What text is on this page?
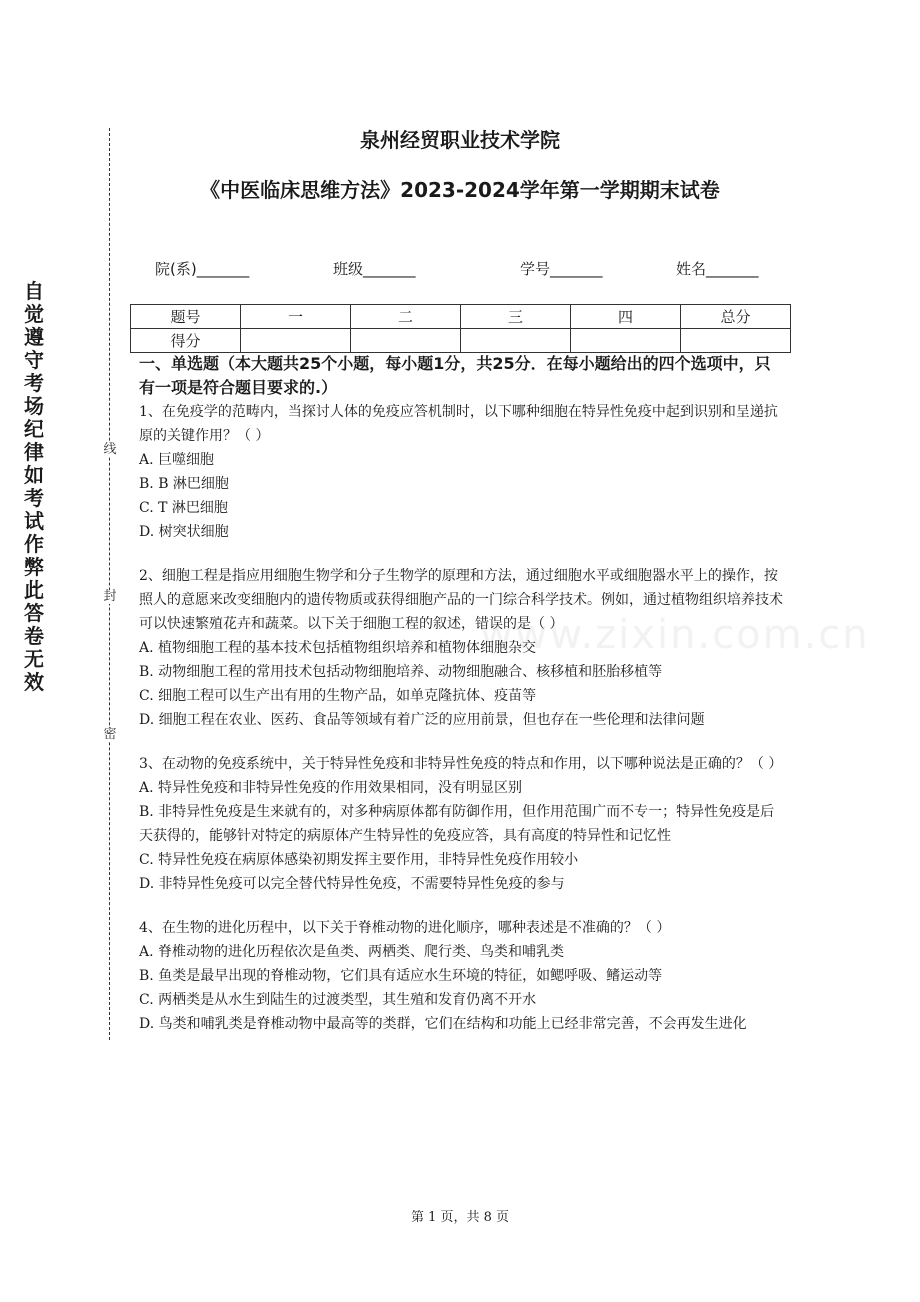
自觉遵守考场纪律如考试作弊此答卷无效
线
封
密
www.zixin.com.cn
泉州经贸职业技术学院
《中医临床思维方法》2023-2024学年第一学期期末试卷
院(系)_______	班级_______	学号_______	姓名_______
题号	一	二	三	四	总分
得分					
一、单选题（本大题共25个小题，每小题1分，共25分．在每小题给出的四个选项中，只有一项是符合题目要求的.）

1、在免疫学的范畴内，当探讨人体的免疫应答机制时，以下哪种细胞在特异性免疫中起到识别和呈递抗原的关键作用？（ ）

A. 巨噬细胞

B. B 淋巴细胞

C. T 淋巴细胞

D. 树突状细胞

2、细胞工程是指应用细胞生物学和分子生物学的原理和方法，通过细胞水平或细胞器水平上的操作，按照人的意愿来改变细胞内的遗传物质或获得细胞产品的一门综合科学技术。例如，通过植物组织培养技术可以快速繁殖花卉和蔬菜。以下关于细胞工程的叙述，错误的是（ ）

A. 植物细胞工程的基本技术包括植物组织培养和植物体细胞杂交

B. 动物细胞工程的常用技术包括动物细胞培养、动物细胞融合、核移植和胚胎移植等

C. 细胞工程可以生产出有用的生物产品，如单克隆抗体、疫苗等

D. 细胞工程在农业、医药、食品等领域有着广泛的应用前景，但也存在一些伦理和法律问题

3、在动物的免疫系统中，关于特异性免疫和非特异性免疫的特点和作用，以下哪种说法是正确的？（ ）

A. 特异性免疫和非特异性免疫的作用效果相同，没有明显区别

B. 非特异性免疫是生来就有的，对多种病原体都有防御作用，但作用范围广而不专一；特异性免疫是后天获得的，能够针对特定的病原体产生特异性的免疫应答，具有高度的特异性和记忆性

C. 特异性免疫在病原体感染初期发挥主要作用，非特异性免疫作用较小

D. 非特异性免疫可以完全替代特异性免疫，不需要特异性免疫的参与

4、在生物的进化历程中，以下关于脊椎动物的进化顺序，哪种表述是不准确的？（ ）

A. 脊椎动物的进化历程依次是鱼类、两栖类、爬行类、鸟类和哺乳类

B. 鱼类是最早出现的脊椎动物，它们具有适应水生环境的特征，如鳃呼吸、鳍运动等

C. 两栖类是从水生到陆生的过渡类型，其生殖和发育仍离不开水

D. 鸟类和哺乳类是脊椎动物中最高等的类群，它们在结构和功能上已经非常完善，不会再发生进化

第 1 页，共 8 页
